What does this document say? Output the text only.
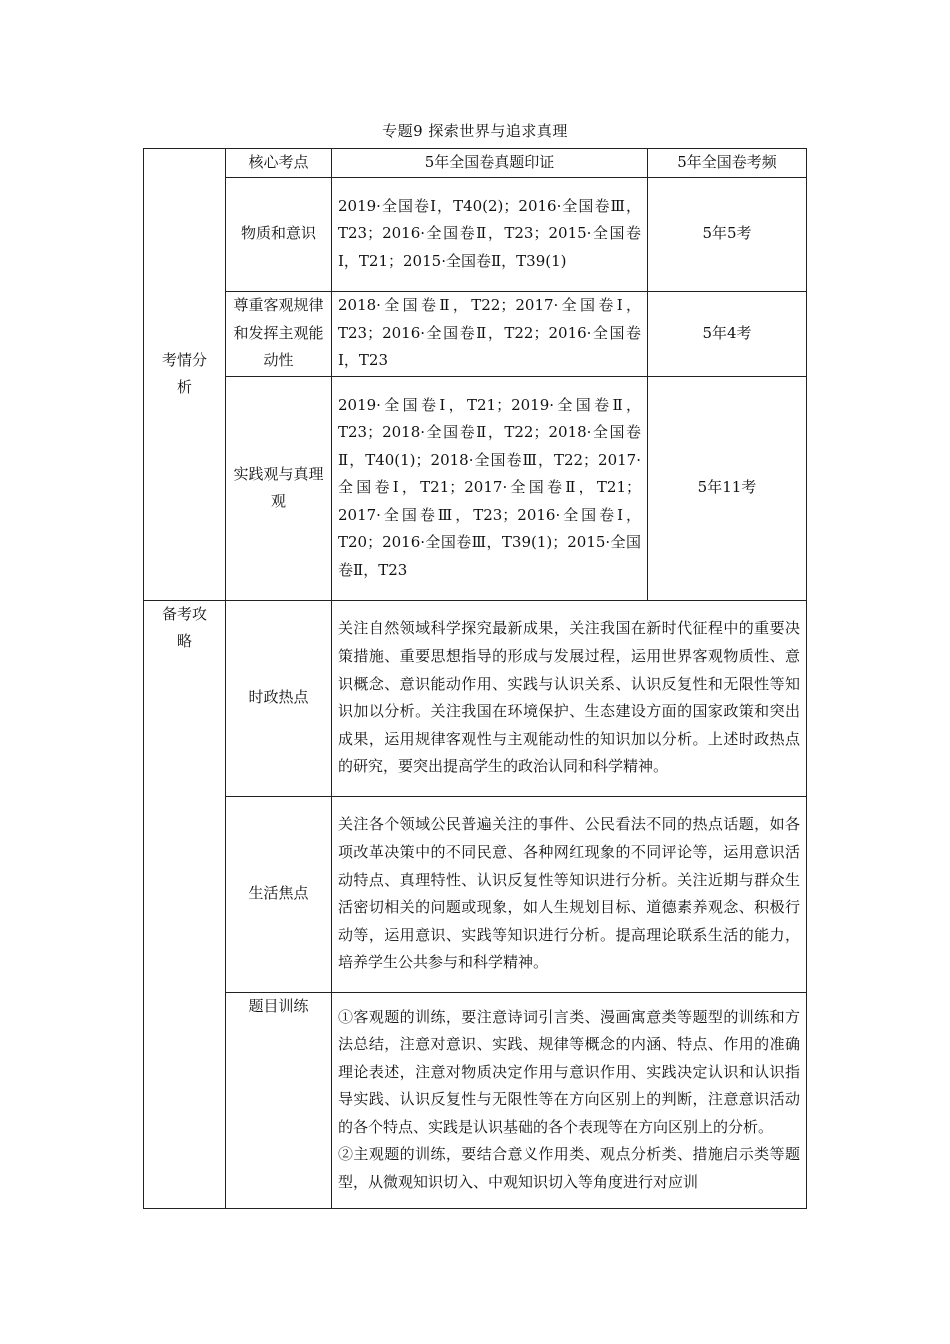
专题9 探索世界与追求真理
考情分析	核心考点	5年全国卷真题印证	5年全国卷考频
	物质和意识	2019·全国卷Ⅰ，T40(2)；2016·全国卷Ⅲ，T23；2016·全国卷Ⅱ，T23；2015·全国卷Ⅰ，T21；2015·全国卷Ⅱ，T39(1)	5年5考
	尊重客观规律和发挥主观能动性	2018·全国卷Ⅱ，T22；2017·全国卷Ⅰ，T23；2016·全国卷Ⅱ，T22；2016·全国卷Ⅰ，T23	5年4考
	实践观与真理观	2019·全国卷Ⅰ，T21；2019·全国卷Ⅱ，T23；2018·全国卷Ⅱ，T22；2018·全国卷Ⅱ，T40(1)；2018·全国卷Ⅲ，T22；2017·全国卷Ⅰ，T21；2017·全国卷Ⅱ，T21；2017·全国卷Ⅲ，T23；2016·全国卷Ⅰ，T20；2016·全国卷Ⅲ，T39(1)；2015·全国卷Ⅱ，T23	5年11考
备考攻略	时政热点	关注自然领域科学探究最新成果，关注我国在新时代征程中的重要决策措施、重要思想指导的形成与发展过程，运用世界客观物质性、意识概念、意识能动作用、实践与认识关系、认识反复性和无限性等知识加以分析。关注我国在环境保护、生态建设方面的国家政策和突出成果，运用规律客观性与主观能动性的知识加以分析。上述时政热点的研究，要突出提高学生的政治认同和科学精神。	
	生活焦点	关注各个领域公民普遍关注的事件、公民看法不同的热点话题，如各项改革决策中的不同民意、各种网红现象的不同评论等，运用意识活动特点、真理特性、认识反复性等知识进行分析。关注近期与群众生活密切相关的问题或现象，如人生规划目标、道德素养观念、积极行动等，运用意识、实践等知识进行分析。提高理论联系生活的能力，培养学生公共参与和科学精神。	
	题目训练	①客观题的训练，要注意诗词引言类、漫画寓意类等题型的训练和方法总结，注意对意识、实践、规律等概念的内涵、特点、作用的准确理论表述，注意对物质决定作用与意识作用、实践决定认识和认识指导实践、认识反复性与无限性等在方向区别上的判断，注意意识活动的各个特点、实践是认识基础的各个表现等在方向区别上的分析。
②主观题的训练，要结合意义作用类、观点分析类、措施启示类等题型，从微观知识切入、中观知识切入等角度进行对应训	
